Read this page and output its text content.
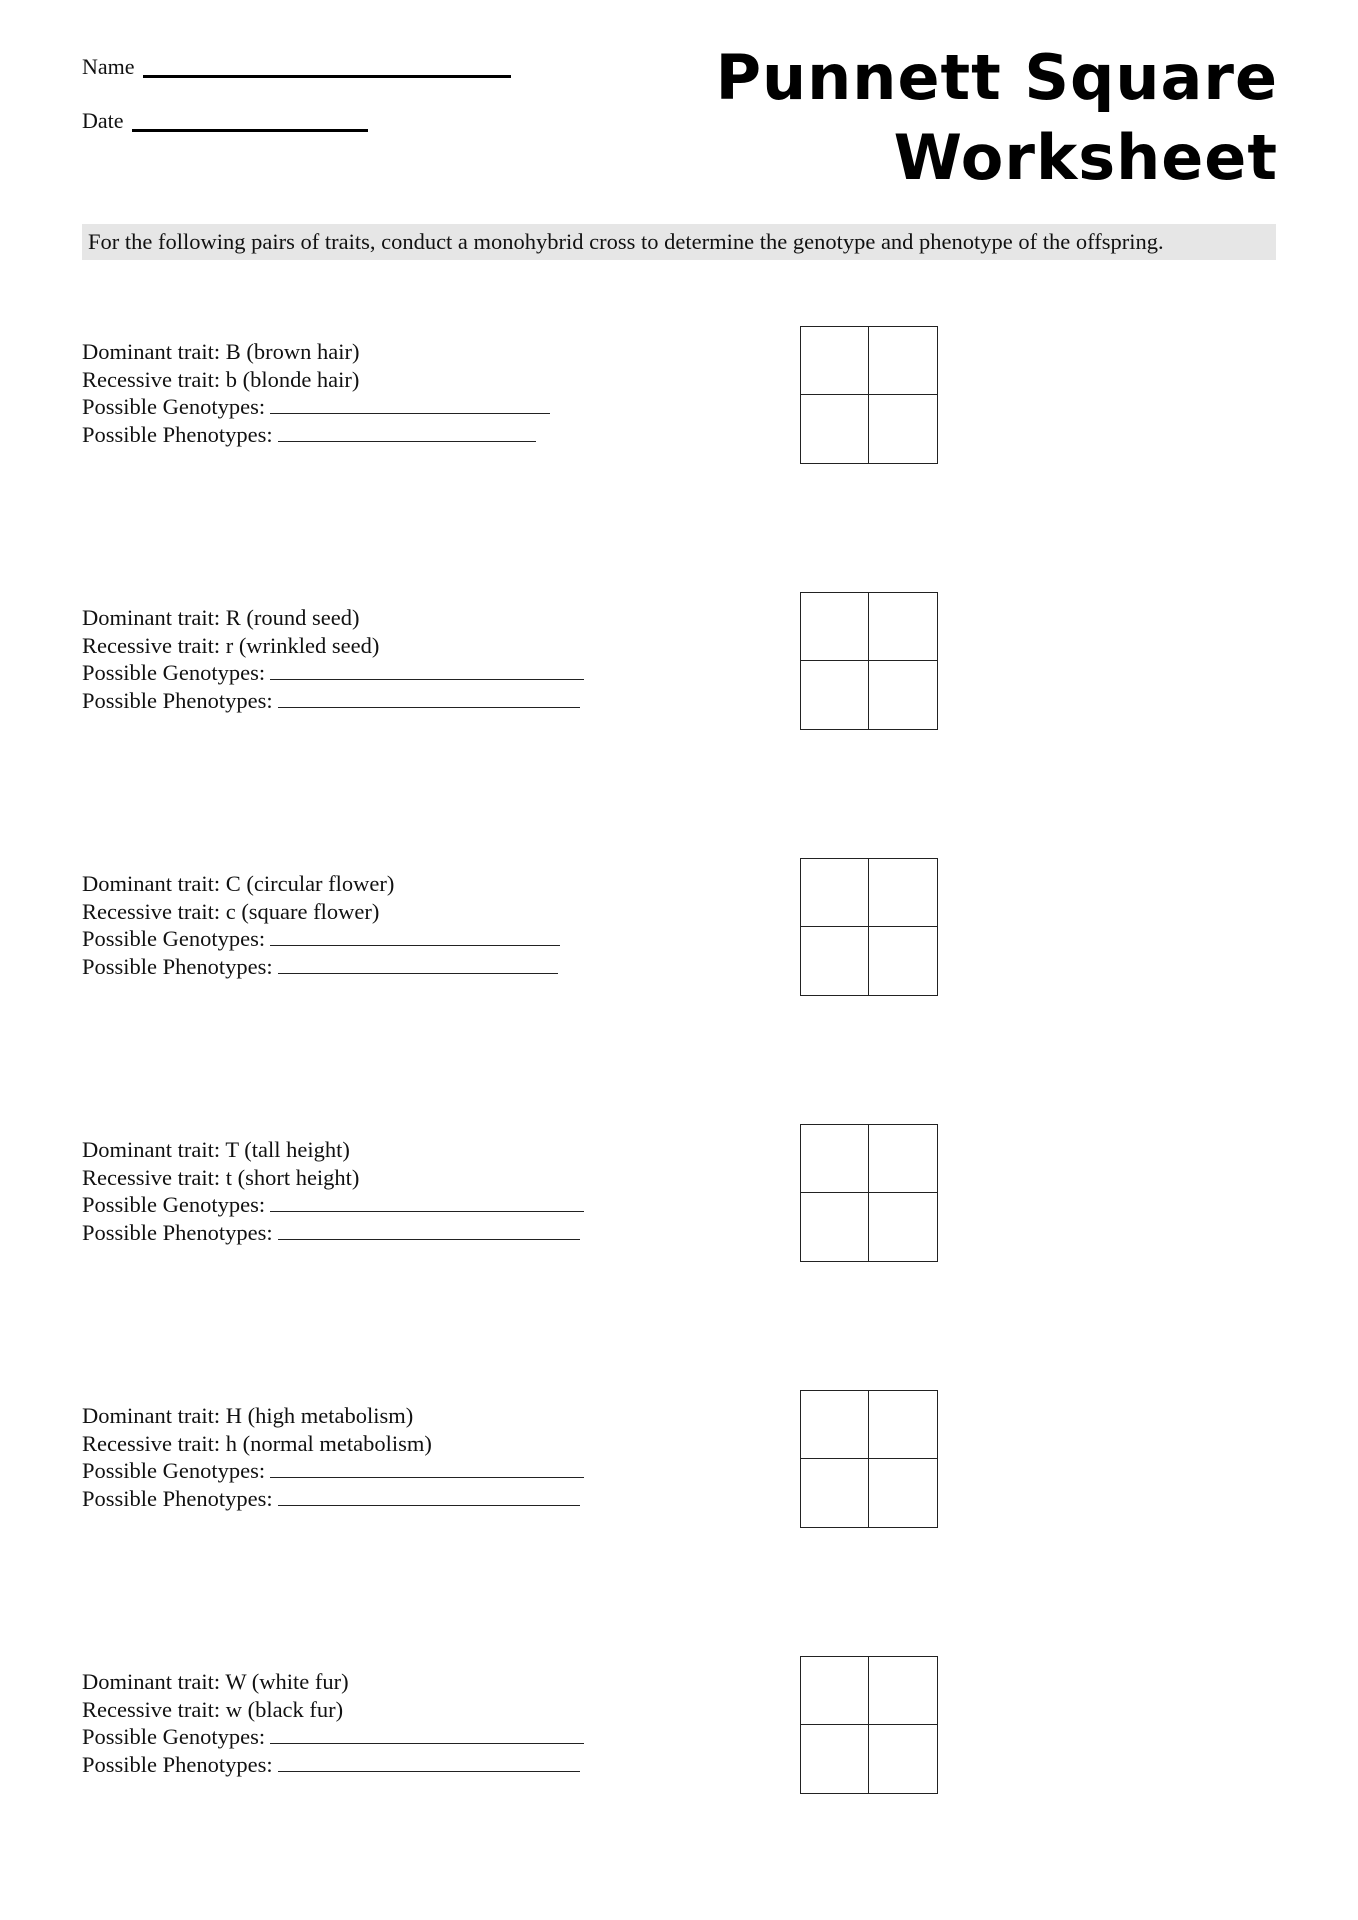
Name
Date
Punnett Square
Worksheet
For the following pairs of traits, conduct a monohybrid cross to determine the genotype and phenotype of the offspring.
Dominant trait: B (brown hair)
Recessive trait: b (blonde hair)
Possible Genotypes:
Possible Phenotypes:
Dominant trait: R (round seed)
Recessive trait: r (wrinkled seed)
Possible Genotypes:
Possible Phenotypes:
Dominant trait: C (circular flower)
Recessive trait: c (square flower)
Possible Genotypes:
Possible Phenotypes:
Dominant trait: T (tall height)
Recessive trait: t (short height)
Possible Genotypes:
Possible Phenotypes:
Dominant trait: H (high metabolism)
Recessive trait: h (normal metabolism)
Possible Genotypes:
Possible Phenotypes:
Dominant trait: W (white fur)
Recessive trait: w (black fur)
Possible Genotypes:
Possible Phenotypes:
